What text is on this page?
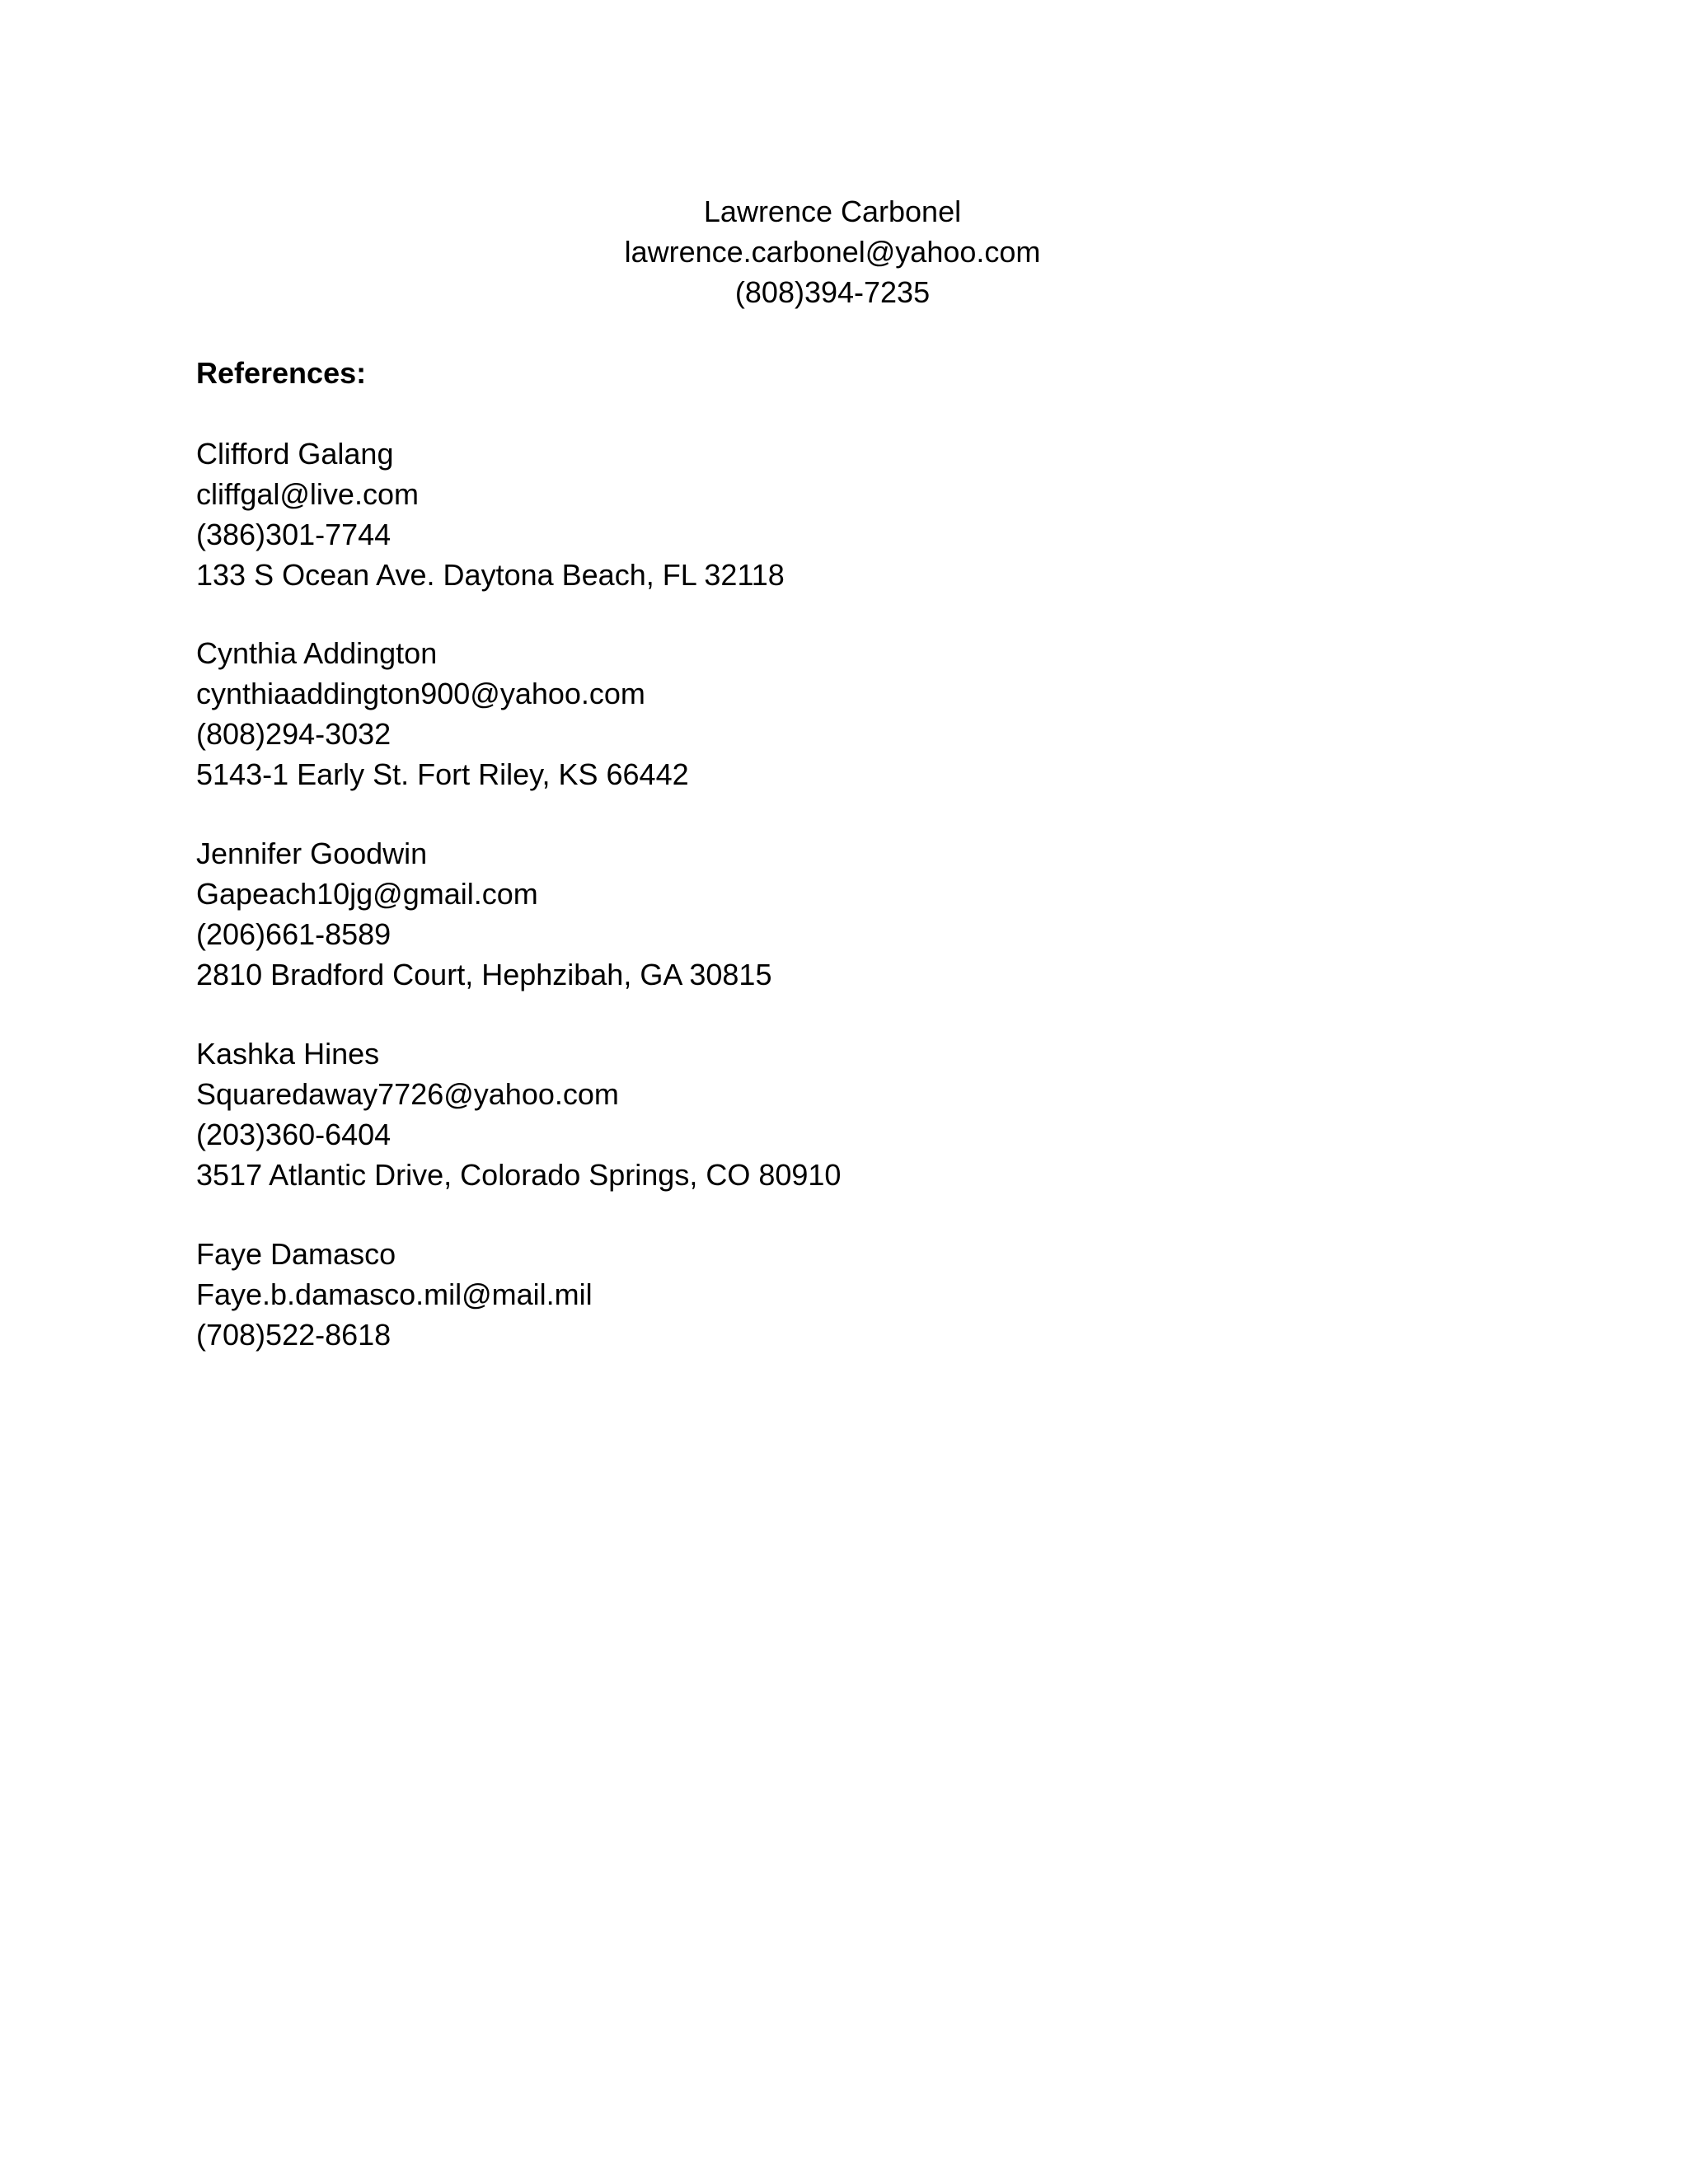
Lawrence Carbonel
lawrence.carbonel@yahoo.com
(808)394-7235
References:
Clifford Galang
cliffgal@live.com
(386)301-7744
133 S Ocean Ave. Daytona Beach, FL 32118
Cynthia Addington
cynthiaaddington900@yahoo.com
(808)294-3032
5143-1 Early St. Fort Riley, KS 66442
Jennifer Goodwin
Gapeach10jg@gmail.com
(206)661-8589
2810 Bradford Court, Hephzibah, GA 30815
Kashka Hines
Squaredaway7726@yahoo.com
(203)360-6404
3517 Atlantic Drive, Colorado Springs, CO 80910
Faye Damasco
Faye.b.damasco.mil@mail.mil
(708)522-8618
